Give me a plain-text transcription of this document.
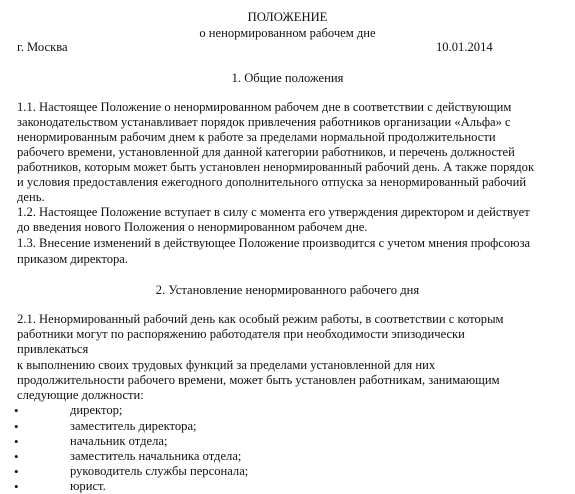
ПОЛОЖЕНИЕ
о ненормированном рабочем дне
г. Москва	10.01.2014
1. Общие положения
1.1. Настоящее Положение о ненормированном рабочем дне в соответствии с действующим
законодательством устанавливает порядок привлечения работников организации «Альфа» с
ненормированным рабочим днем к работе за пределами нормальной продолжительности
рабочего времени, установленной для данной категории работников, и перечень должностей
работников, которым может быть установлен ненормированный рабочий день. А также порядок
и условия предоставления ежегодного дополнительного отпуска за ненормированный рабочий
день.
1.2. Настоящее Положение вступает в силу с момента его утверждения директором и действует
до введения нового Положения о ненормированном рабочем дне.
1.3. Внесение изменений в действующее Положение производится с учетом мнения профсоюза
приказом директора.
2. Установление ненормированного рабочего дня
2.1. Ненормированный рабочий день как особый режим работы, в соответствии с которым
работники могут по распоряжению работодателя при необходимости эпизодически
привлекаться
к выполнению своих трудовых функций за пределами установленной для них
продолжительности рабочего времени, может быть установлен работникам, занимающим
следующие должности:
•	директор;
•	заместитель директора;
•	начальник отдела;
•	заместитель начальника отдела;
•	руководитель службы персонала;
•	юрист.
